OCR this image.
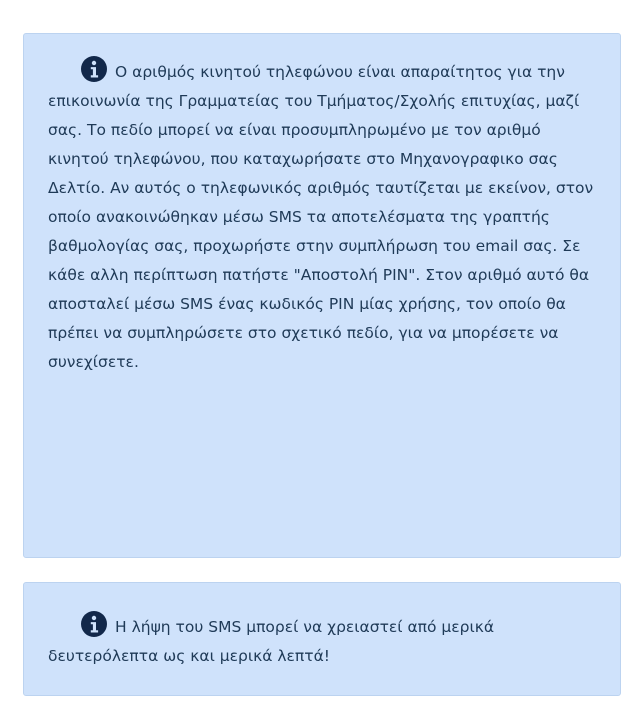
Ο αριθμός κινητού τηλεφώνου είναι απαραίτητος για την επικοινωνία της Γραμματείας του Τμήματος/Σχολής επιτυχίας, μαζί σας. Το πεδίο μπορεί να είναι προσυμπληρωμένο με τον αριθμό κινητού τηλεφώνου, που καταχωρήσατε στο Μηχανογραφικο σας Δελτίο. Αν αυτός ο τηλεφωνικός αριθμός ταυτίζεται με εκείνον, στον οποίο ανακοινώθηκαν μέσω SMS τα αποτελέσματα της γραπτής βαθμολογίας σας, προχωρήστε στην συμπλήρωση του email σας. Σε κάθε αλλη περίπτωση πατήστε "Αποστολή PIN". Στον αριθμό αυτό θα αποσταλεί μέσω SMS ένας κωδικός PIN μίας χρήσης, τον οποίο θα πρέπει να συμπληρώσετε στο σχετικό πεδίο, για να μπορέσετε να συνεχίσετε.

Η λήψη του SMS μπορεί να χρειαστεί από μερικά δευτερόλεπτα ως και μερικά λεπτά!
